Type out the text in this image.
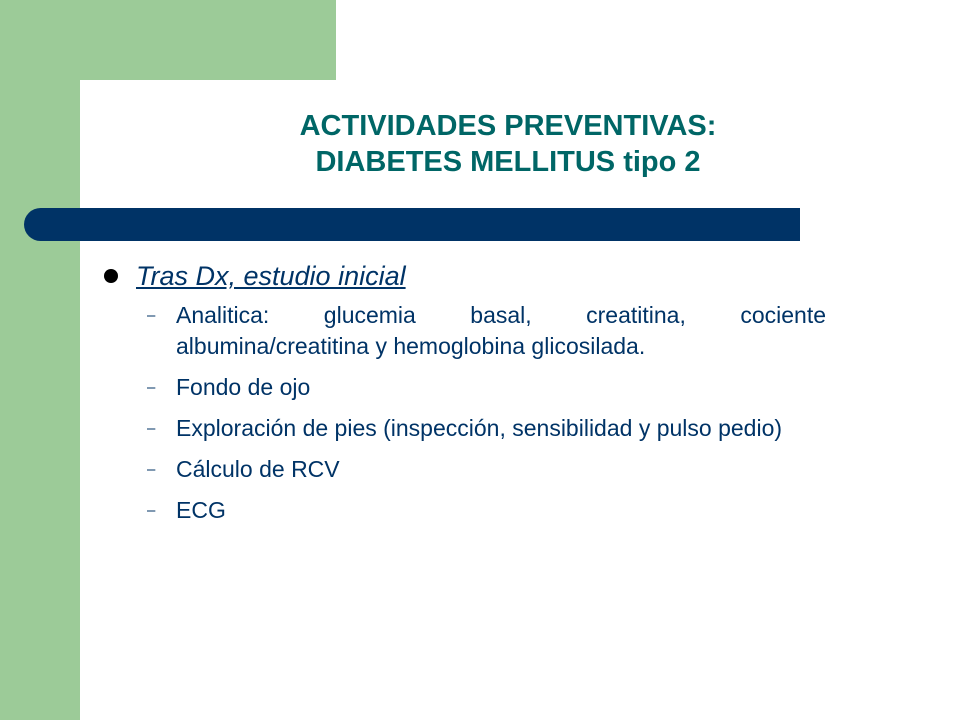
ACTIVIDADES PREVENTIVAS:
DIABETES MELLITUS tipo 2
Tras Dx, estudio inicial
– Analitica: glucemia basal, creatitina, cociente albumina/creatitina y hemoglobina glicosilada.
– Fondo de ojo
– Exploración de pies (inspección, sensibilidad y pulso pedio)
– Cálculo de RCV
– ECG
